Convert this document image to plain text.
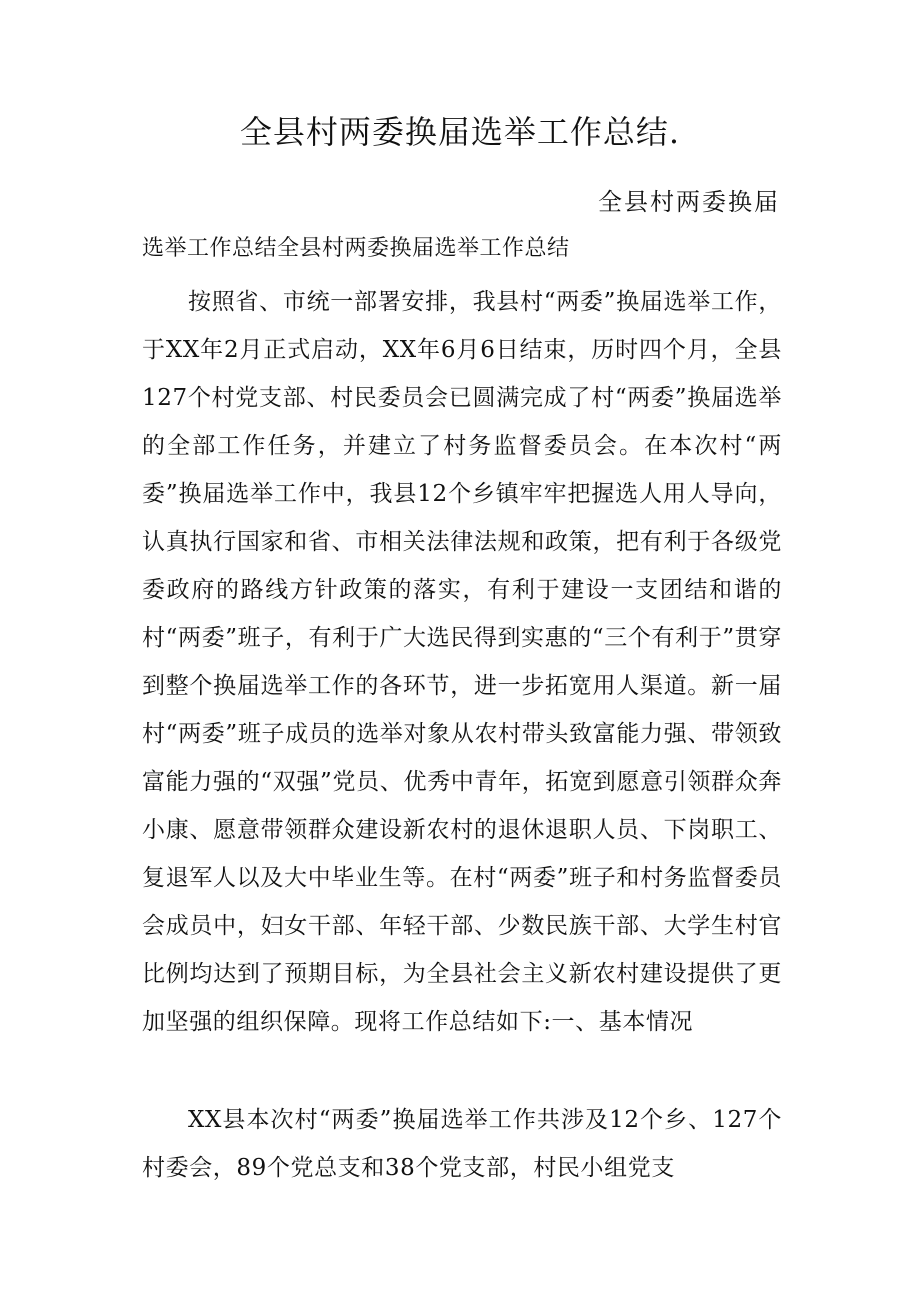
全县村两委换届选举工作总结.

全县村两委换届

选举工作总结全县村两委换届选举工作总结

按照省、市统一部署安排，我县村“两委”换届选举工作，于XX年2月正式启动，XX年6月6日结束，历时四个月，全县127个村党支部、村民委员会已圆满完成了村“两委”换届选举的全部工作任务，并建立了村务监督委员会。在本次村“两委”换届选举工作中，我县12个乡镇牢牢把握选人用人导向，认真执行国家和省、市相关法律法规和政策，把有利于各级党委政府的路线方针政策的落实，有利于建设一支团结和谐的村“两委”班子，有利于广大选民得到实惠的“三个有利于”贯穿到整个换届选举工作的各环节，进一步拓宽用人渠道。新一届村“两委”班子成员的选举对象从农村带头致富能力强、带领致富能力强的“双强”党员、优秀中青年，拓宽到愿意引领群众奔小康、愿意带领群众建设新农村的退休退职人员、下岗职工、复退军人以及大中毕业生等。在村“两委”班子和村务监督委员会成员中，妇女干部、年轻干部、少数民族干部、大学生村官比例均达到了预期目标，为全县社会主义新农村建设提供了更加坚强的组织保障。现将工作总结如下:一、基本情况

XX县本次村“两委”换届选举工作共涉及12个乡、127个村委会，89个党总支和38个党支部，村民小组党支
